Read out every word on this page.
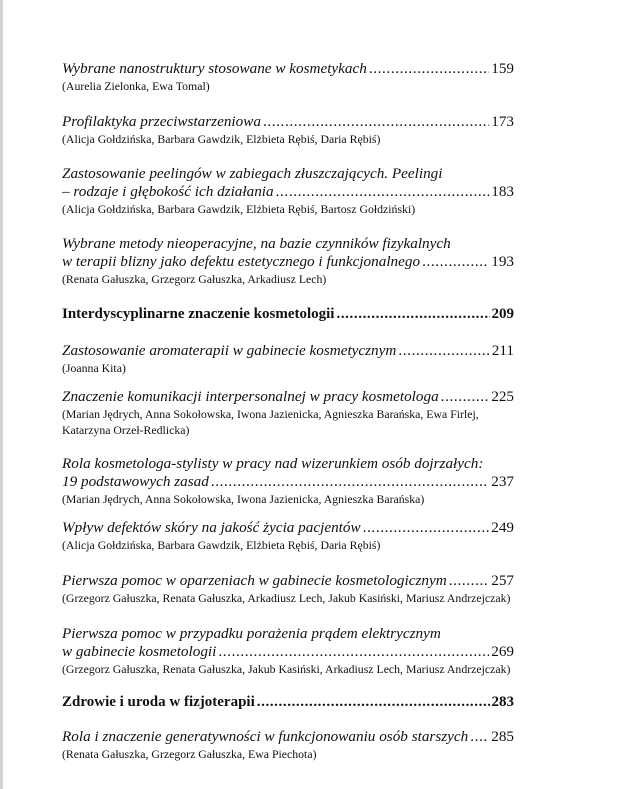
Wybrane nanostruktury stosowane w kosmetykach .....	159
(Aurelia Zielonka, Ewa Tomal)
Profilaktyka przeciwstarzeniowa .....	173
(Alicja Gołdzińska, Barbara Gawdzik, Elżbieta Rębiś, Daria Rębiś)
Zastosowanie peelingów w zabiegach złuszczających. Peelingi
– rodzaje i głębokość ich działania .....	183
(Alicja Gołdzińska, Barbara Gawdzik, Elżbieta Rębiś, Bartosz Gołdziński)
Wybrane metody nieoperacyjne, na bazie czynników fizykalnych
w terapii blizny jako defektu estetycznego i funkcjonalnego .....	193
(Renata Gałuszka, Grzegorz Gałuszka, Arkadiusz Lech)
Interdyscyplinarne znaczenie kosmetologii .....	209
Zastosowanie aromaterapii w gabinecie kosmetycznym .....	211
(Joanna Kita)
Znaczenie komunikacji interpersonalnej w pracy kosmetologa .....	225
(Marian Jędrych, Anna Sokołowska, Iwona Jazienicka, Agnieszka Barańska, Ewa Firlej, Katarzyna Orzeł-Redlicka)
Rola kosmetologa-stylisty w pracy nad wizerunkiem osób dojrzałych:
19 podstawowych zasad .....	237
(Marian Jędrych, Anna Sokołowska, Iwona Jazienicka, Agnieszka Barańska)
Wpływ defektów skóry na jakość życia pacjentów .....	249
(Alicja Gołdzińska, Barbara Gawdzik, Elżbieta Rębiś, Daria Rębiś)
Pierwsza pomoc w oparzeniach w gabinecie kosmetologicznym .....	257
(Grzegorz Gałuszka, Renata Gałuszka, Arkadiusz Lech, Jakub Kasiński, Mariusz Andrzejczak)
Pierwsza pomoc w przypadku porażenia prądem elektrycznym
w gabinecie kosmetologii .....	269
(Grzegorz Gałuszka, Renata Gałuszka, Jakub Kasiński, Arkadiusz Lech, Mariusz Andrzejczak)
Zdrowie i uroda w fizjoterapii .....	283
Rola i znaczenie generatywności w funkcjonowaniu osób starszych ..... 285
(Renata Gałuszka, Grzegorz Gałuszka, Ewa Piechota)
